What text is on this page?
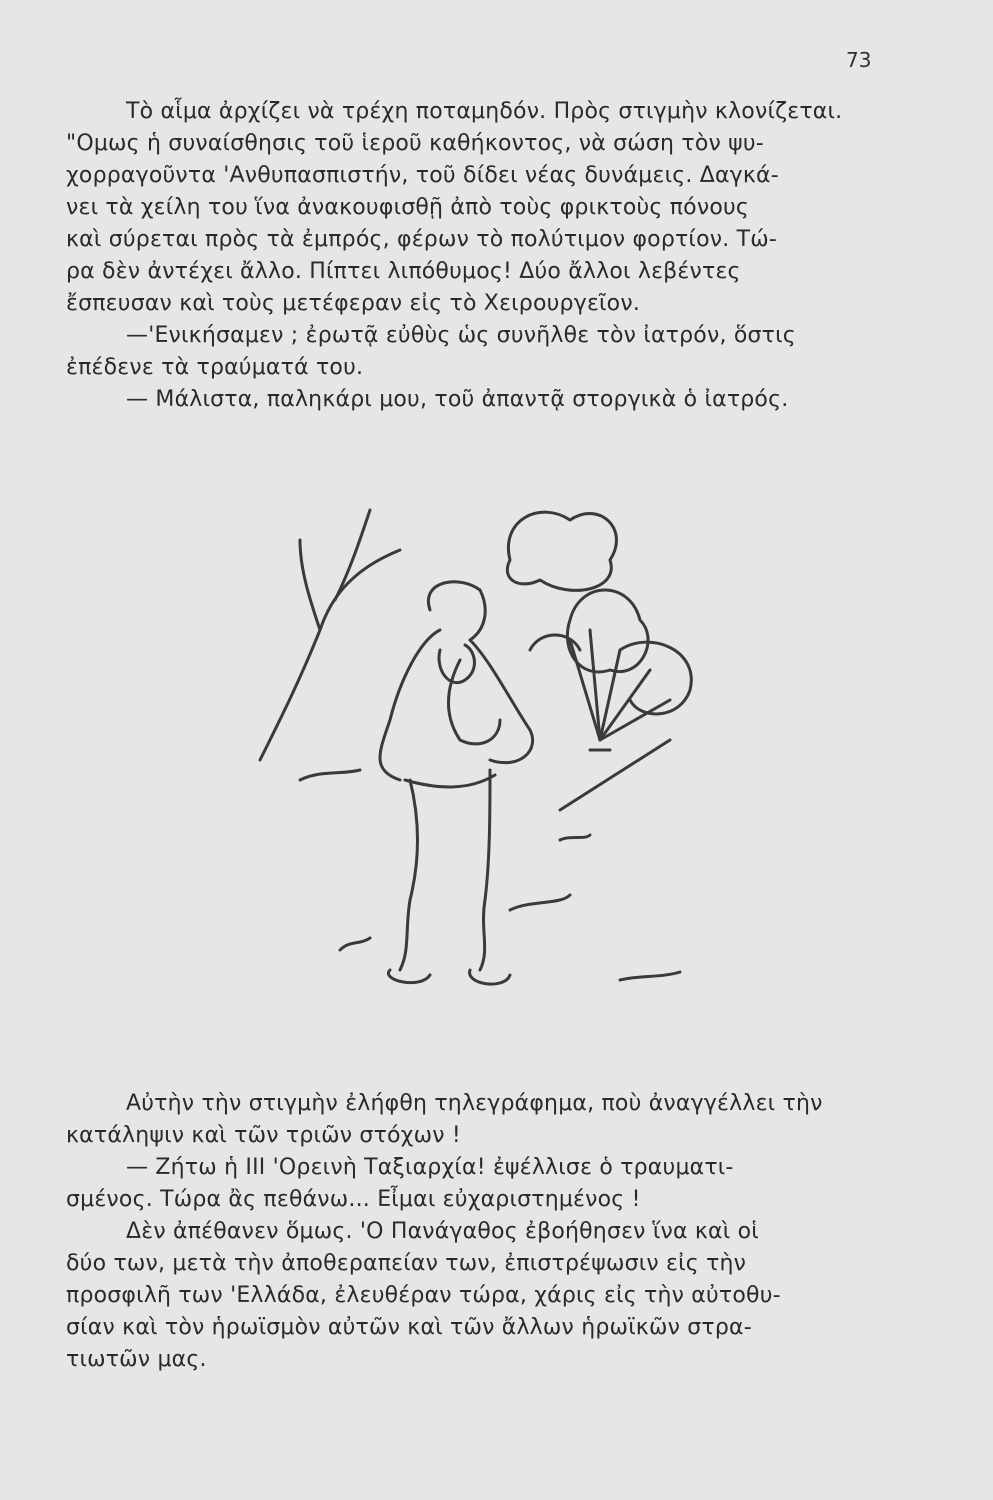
73
Τὸ αἷμα ἀρχίζει νὰ τρέχη ποταμηδόν. Πρὸς στιγμὴν κλονίζεται.
"Ομως ἡ συναίσθησις τοῦ ἱεροῦ καθήκοντος, νὰ σώση τὸν ψυ-
χορραγοῦντα 'Ανθυπασπιστήν, τοῦ δίδει νέας δυνάμεις. Δαγκά-
νει τὰ χείλη του ἵνα ἀνακουφισθῇ ἀπὸ τοὺς φρικτοὺς πόνους
καὶ σύρεται πρὸς τὰ ἐμπρός, φέρων τὸ πολύτιμον φορτίον. Τώ-
ρα δὲν ἀντέχει ἄλλο. Πίπτει λιπόθυμος! Δύο ἄλλοι λεβέντες
ἔσπευσαν καὶ τοὺς μετέφεραν εἰς τὸ Χειρουργεῖον.
—'Ενικήσαμεν ; ἐρωτᾷ εὐθὺς ὡς συνῆλθε τὸν ἰατρόν, ὅστις
ἐπέδενε τὰ τραύματά του.
— Μάλιστα, παληκάρι μου, τοῦ ἀπαντᾷ στοργικὰ ὁ ἰατρός.
Αὐτὴν τὴν στιγμὴν ἐλήφθη τηλεγράφημα, ποὺ ἀναγγέλλει τὴν
κατάληψιν καὶ τῶν τριῶν στόχων !
— Ζήτω ἡ III 'Ορεινὴ Ταξιαρχία! ἐψέλλισε ὁ τραυματι-
σμένος. Τώρα ἂς πεθάνω... Εἶμαι εὐχαριστημένος !
Δὲν ἀπέθανεν ὅμως. 'Ο Πανάγαθος ἐβοήθησεν ἵνα καὶ οἱ
δύο των, μετὰ τὴν ἀποθεραπείαν των, ἐπιστρέψωσιν εἰς τὴν
προσφιλῆ των 'Ελλάδα, ἐλευθέραν τώρα, χάρις εἰς τὴν αὐτοθυ-
σίαν καὶ τὸν ἡρωϊσμὸν αὐτῶν καὶ τῶν ἄλλων ἡρωϊκῶν στρα-
τιωτῶν μας.
